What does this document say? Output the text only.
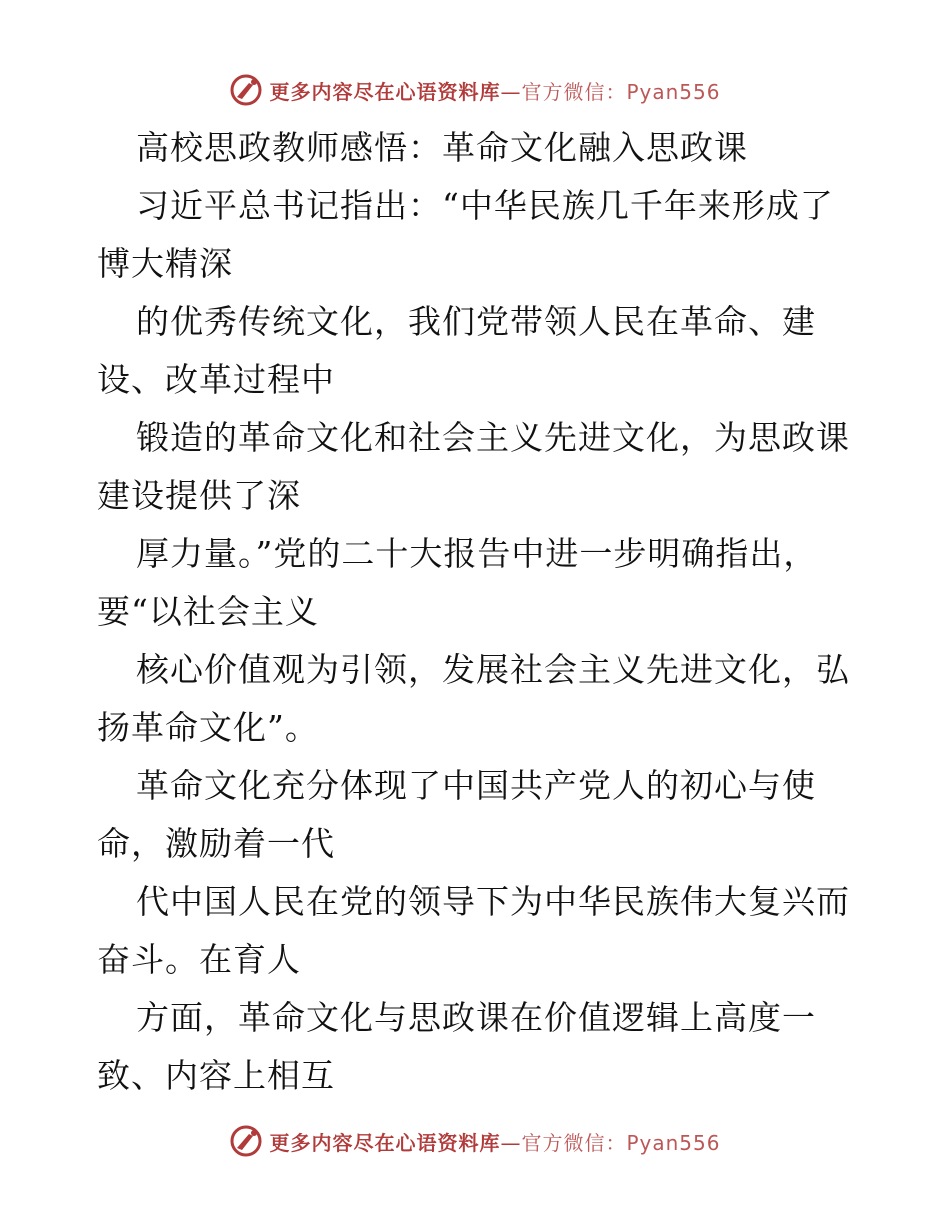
更多内容尽在心语资料库—官方微信：Pyan556
高校思政教师感悟：革命文化融入思政课
习近平总书记指出：“中华民族几千年来形成了
博大精深
的优秀传统文化，我们党带领人民在革命、建
设、改革过程中
锻造的革命文化和社会主义先进文化，为思政课
建设提供了深
厚力量。”党的二十大报告中进一步明确指出，
要“以社会主义
核心价值观为引领，发展社会主义先进文化，弘
扬革命文化”。
革命文化充分体现了中国共产党人的初心与使
命，激励着一代
代中国人民在党的领导下为中华民族伟大复兴而
奋斗。在育人
方面，革命文化与思政课在价值逻辑上高度一
致、内容上相互
更多内容尽在心语资料库—官方微信：Pyan556
